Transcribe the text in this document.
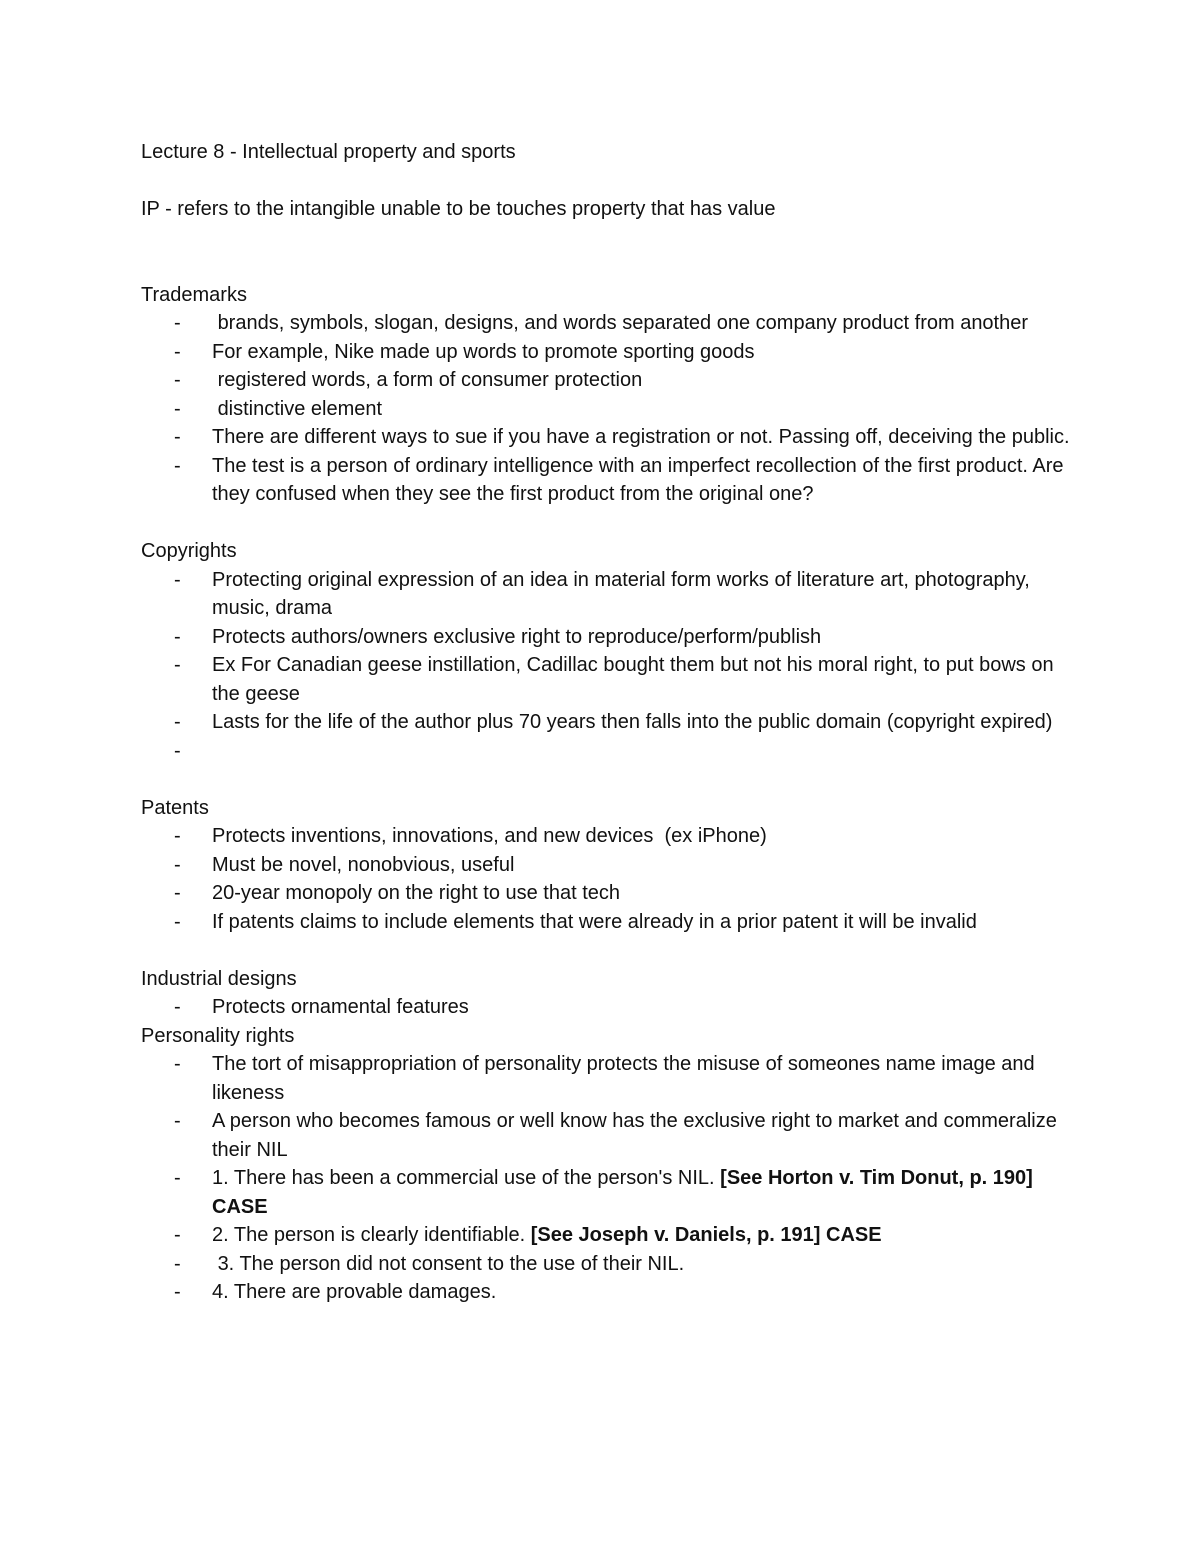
Lecture 8 - Intellectual property and sports

IP - refers to the intangible unable to be touches property that has value

Trademarks

- brands, symbols, slogan, designs, and words separated one company product from another
- For example, Nike made up words to promote sporting goods
- registered words, a form of consumer protection
- distinctive element
- There are different ways to sue if you have a registration or not. Passing off, deceiving the public.
- The test is a person of ordinary intelligence with an imperfect recollection of the first product. Are they confused when they see the first product from the original one?

Copyrights

- Protecting original expression of an idea in material form works of literature art, photography, music, drama
- Protects authors/owners exclusive right to reproduce/perform/publish
- Ex For Canadian geese instillation, Cadillac bought them but not his moral right, to put bows on the geese
- Lasts for the life of the author plus 70 years then falls into the public domain (copyright expired)
-

Patents

- Protects inventions, innovations, and new devices  (ex iPhone)
- Must be novel, nonobvious, useful
- 20-year monopoly on the right to use that tech
- If patents claims to include elements that were already in a prior patent it will be invalid

Industrial designs

- Protects ornamental features

Personality rights

- The tort of misappropriation of personality protects the misuse of someones name image and likeness
- A person who becomes famous or well know has the exclusive right to market and commeralize their NIL
- 1. There has been a commercial use of the person's NIL. [See Horton v. Tim Donut, p. 190] CASE
- 2. The person is clearly identifiable. [See Joseph v. Daniels, p. 191] CASE
- 3. The person did not consent to the use of their NIL.
- 4. There are provable damages.
